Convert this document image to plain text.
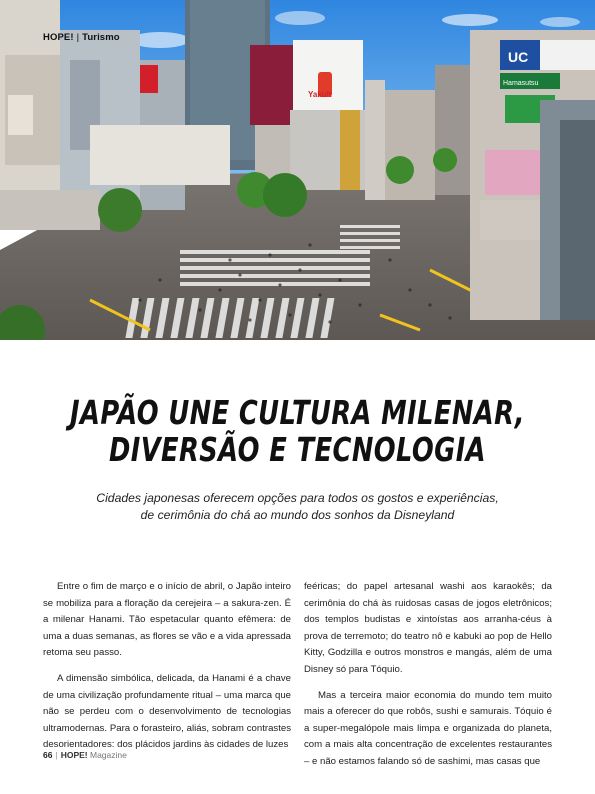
Yakult
UC
Hamasutsu
HOPE! | Turismo
JAPÃO UNE CULTURA MILENAR,
DIVERSÃO E TECNOLOGIA
Cidades japonesas oferecem opções para todos os gostos e experiências,
de cerimônia do chá ao mundo dos sonhos da Disneyland

Entre o fim de março e o início de abril, o Japão inteiro se mobiliza para a floração da cerejeira – a sakura-zen. É a milenar Hanami. Tão espetacular quanto efêmera: de uma a duas semanas, as flores se vão e a vida apressada retoma seu passo.

A dimensão simbólica, delicada, da Hanami é a chave de uma civilização profundamente ritual – uma marca que não se perdeu com o desenvolvimento de tecnologias ultramodernas. Para o forasteiro, aliás, sobram contrastes desorientadores: dos plácidos jardins às cidades de luzes

feéricas; do papel artesanal washi aos karaokês; da cerimônia do chá às ruidosas casas de jogos eletrônicos; dos templos budistas e xintoístas aos arranha-céus à prova de terremoto; do teatro nô e kabuki ao pop de Hello Kitty, Godzilla e outros monstros e mangás, além de uma Disney só para Tóquio.

Mas a terceira maior economia do mundo tem muito mais a oferecer do que robôs, sushi e samurais. Tóquio é a super-megalópole mais limpa e organizada do planeta, com a mais alta concentração de excelentes restaurantes – e não estamos falando só de sashimi, mas casas que

66 | HOPE! Magazine
